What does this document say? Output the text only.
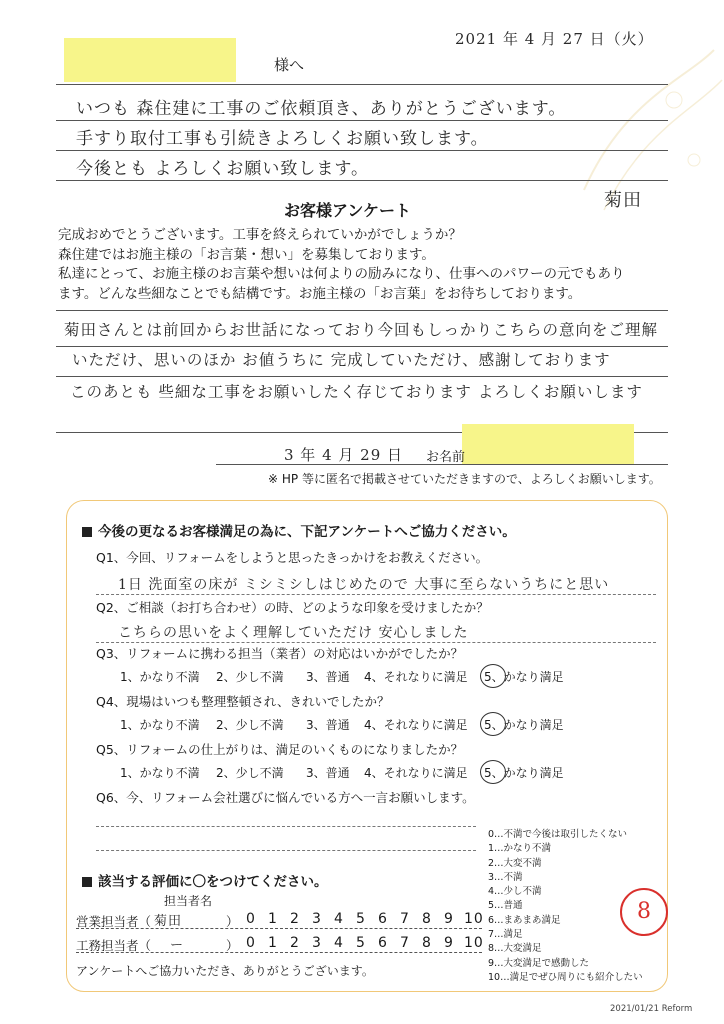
2021 年 4 月 27 日（火）
様へ
いつも 森住建に工事のご依頼頂き、ありがとうございます。
手すり取付工事も引続きよろしくお願い致します。
今後とも よろしくお願い致します。
菊田
お客様アンケート
完成おめでとうございます。工事を終えられていかがでしょうか？
森住建ではお施主様の「お言葉・想い」を募集しております。
私達にとって、お施主様のお言葉や想いは何よりの励みになり、仕事へのパワーの元でもあり
ます。どんな些細なことでも結構です。お施主様の「お言葉」をお待ちしております。
菊田さんとは前回からお世話になっており今回もしっかりこちらの意向をご理解
いただけ、思いのほか お値うちに 完成していただけ、感謝しております
このあとも 些細な工事をお願いしたく存じております よろしくお願いします
3 年 4 月 29 日 お名前
※ HP 等に匿名で掲載させていただきますので、よろしくお願いします。
今後の更なるお客様満足の為に、下記アンケートへご協力ください。
Q1、今回、リフォームをしようと思ったきっかけをお教えください。
1日 洗面室の床が ミシミシしはじめたので 大事に至らないうちにと思い
Q2、ご相談（お打ち合わせ）の時、どのような印象を受けましたか？
こちらの思いをよく理解していただけ 安心しました
Q3、リフォームに携わる担当（業者）の対応はいかがでしたか？
1、かなり不満 2、少し不満 3、普通 4、それなりに満足 5、かなり満足
Q4、現場はいつも整理整頓され、きれいでしたか？
1、かなり不満 2、少し不満 3、普通 4、それなりに満足 5、かなり満足
Q5、リフォームの仕上がりは、満足のいくものになりましたか？
1、かなり不満 2、少し不満 3、普通 4、それなりに満足 5、かなり満足
Q6、今、リフォーム会社選びに悩んでいる方へ一言お願いします。
該当する評価に〇をつけてください。
担当者名
営業担当者（ 菊田	） 0 1 2 3 4 5 6 7 8 9 10
工務担当者（ ー	） 0 1 2 3 4 5 6 7 8 9 10
アンケートへご協力いただき、ありがとうございます。
0…不満で今後は取引したくない
1…かなり不満
2…大変不満
3…不満
4…少し不満
5…普通
6…まあまあ満足
7…満足
8…大変満足
9…大変満足で感動した
10…満足でぜひ周りにも紹介したい
8
2021/01/21 Reform
